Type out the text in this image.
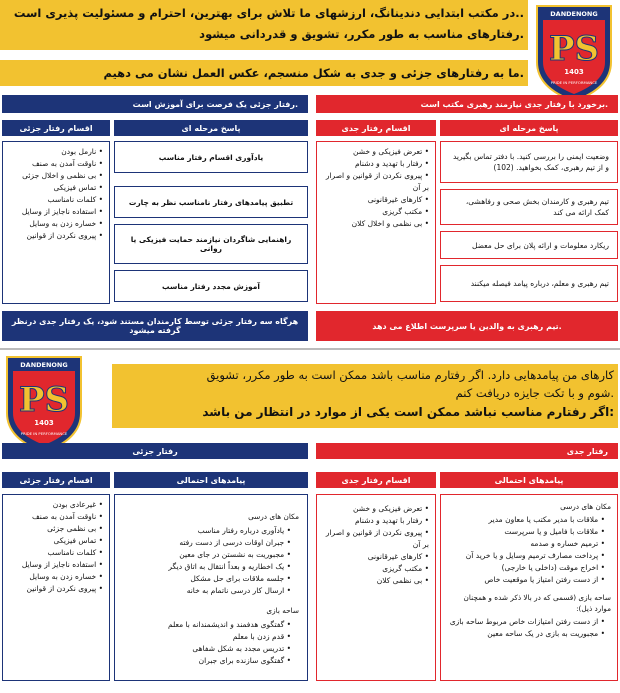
..در مکتب ابتدایی دندینانگ، ارزشهای ما تلاش برای بهترین، احترام و مسئولیت پذیری است
.رفتارهای مناسب به طور مکرر، تشویق و قدردانی میشود
.ما به رفتارهای جزئی و جدی به شکل منسجم، عکس العمل نشان می دهیم
DANDENONG
PS
1403
PRIDE IN PERFORMANCE
.رفتار جزئی یک فرصت برای آموزش است
اقسام رفتار جزئی	پاسخ مرحله ای
• نارمل بودن
• ناوقت آمدن به صنف
• بی نظمی و اخلال جزئی
• تماس فیزیکی
• کلمات نامناسب
• استفاده ناجایز از وسایل
• خساره زدن به وسایل
• پیروی نکردن از قوانین
یادآوری اقسام رفتار مناسب
تطبیق پیامدهای رفتار نامناسب نظر به چارت
راهنمایی شاگردان نیازمند حمایت فیزیکی یا روانی
آموزش مجدد رفتار مناسب
هرگاه سه رفتار جزئی توسط کارمندان مستند شود، یک رفتار جدی درنظر گرفته میشود
.برخورد با رفتار جدی نیازمند رهبری مکتب است
اقسام رفتار جدی	پاسخ مرحله ای
• تعرض فیزیکی و خشن
• رفتار با تهدید و دشنام
• پیروی نکردن از قوانین و اصرار بر آن
• کارهای غیرقانونی
• مکتب گریزی
• بی نظمی و اخلال کلان
وضعیت ایمنی را بررسی کنید. با دفتر تماس بگیرید و از تیم رهبری، کمک بخواهید. (102)
تیم رهبری و کارمندان بخش صحی و رفاهشی، کمک ارائه می کند
ریکارد معلومات و ارائه پلان برای حل معضل
تیم رهبری و معلم، درباره پیامد فیصله میکنند
.تیم رهبری به والدین یا سرپرست اطلاع می دهد
DANDENONG
PS
1403
PRIDE IN PERFORMANCE
کارهای من پیامدهایی دارد. اگر رفتارم مناسب باشد ممکن است به طور مکرر، تشویق
.شوم و با تکت جایزه دریافت کنم
:اگر رفتارم مناسب نباشد ممکن است یکی از موارد در انتظار من باشد
رفتار جزئی
اقسام رفتار جزئی	پیامدهای احتمالی
• غیرعادی بودن
• ناوقت آمدن به صنف
• بی نظمی جزئی
• تماس فیزیکی
• کلمات نامناسب
• استفاده ناجایز از وسایل
• خساره زدن به وسایل
• پیروی نکردن از قوانین
مکان های درسی
• یادآوری درباره رفتار مناسب
• جبران اوقات درسی از دست رفته
• مجبوریت به نشستن در جای معین
• یک اخطاریه و بعداً انتقال به اتاق دیگر
• جلسه ملاقات برای حل مشکل
• ارسال کار درسی ناتمام به خانه
ساحه بازی
• گفتگوی هدفمند و اندیشمندانه با معلم
• قدم زدن با معلم
• تدریس مجدد به شکل شفاهی
• گفتگوی سازنده برای جبران
رفتار جدی
اقسام رفتار جدی	پیامدهای احتمالی
• تعرض فیزیکی و خشن
• رفتار با تهدید و دشنام
• پیروی نکردن از قوانین و اصرار بر آن
• کارهای غیرقانونی
• مکتب گریزی
• بی نظمی کلان
مکان های درسی
• ملاقات با مدیر مکتب یا معاون مدیر
• ملاقات با فامیل و یا سرپرست
• ترمیم خساره و صدمه
• پرداخت مصارف ترمیم وسایل و یا خرید آن
• اخراج موقت (داخلی یا خارجی)
• از دست رفتن امتیاز یا موقعیت خاص
ساحه بازی (قسمی که در بالا ذکر شده و همچنان موارد ذیل):
• از دست رفتن امتیازات خاص مربوط ساحه بازی
• مجبوریت به بازی در یک ساحه معین
